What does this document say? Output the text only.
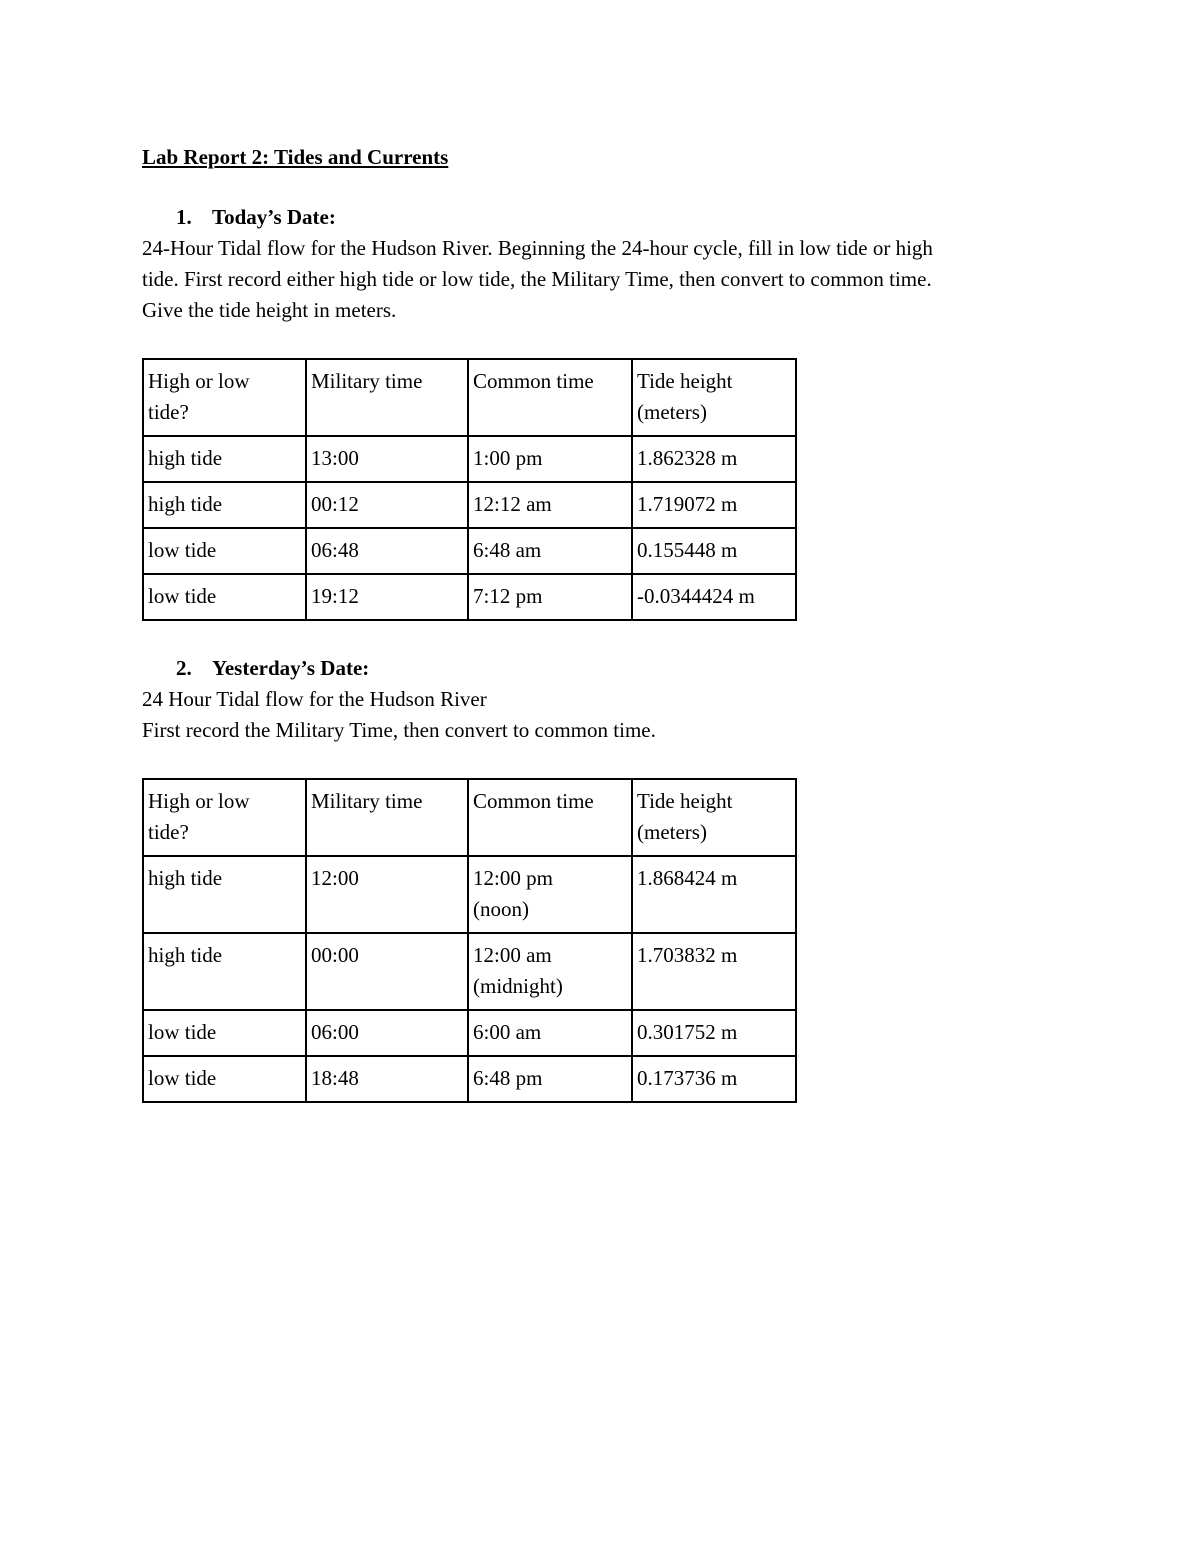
Lab Report 2: Tides and Currents

1. Today’s Date:

24-Hour Tidal flow for the Hudson River. Beginning the 24-hour cycle, fill in low tide or high
tide. First record either high tide or low tide, the Military Time, then convert to common time.
Give the tide height in meters.

High or low
tide?	Military time	Common time	Tide height
(meters)
high tide	13:00	1:00 pm	1.862328 m
high tide	00:12	12:12 am	1.719072 m
low tide	06:48	6:48 am	0.155448 m
low tide	19:12	7:12 pm	-0.0344424 m

2. Yesterday’s Date:

24 Hour Tidal flow for the Hudson River
First record the Military Time, then convert to common time.

High or low
tide?	Military time	Common time	Tide height
(meters)
high tide	12:00	12:00 pm
(noon)	1.868424 m
high tide	00:00	12:00 am
(midnight)	1.703832 m
low tide	06:00	6:00 am	0.301752 m
low tide	18:48	6:48 pm	0.173736 m
